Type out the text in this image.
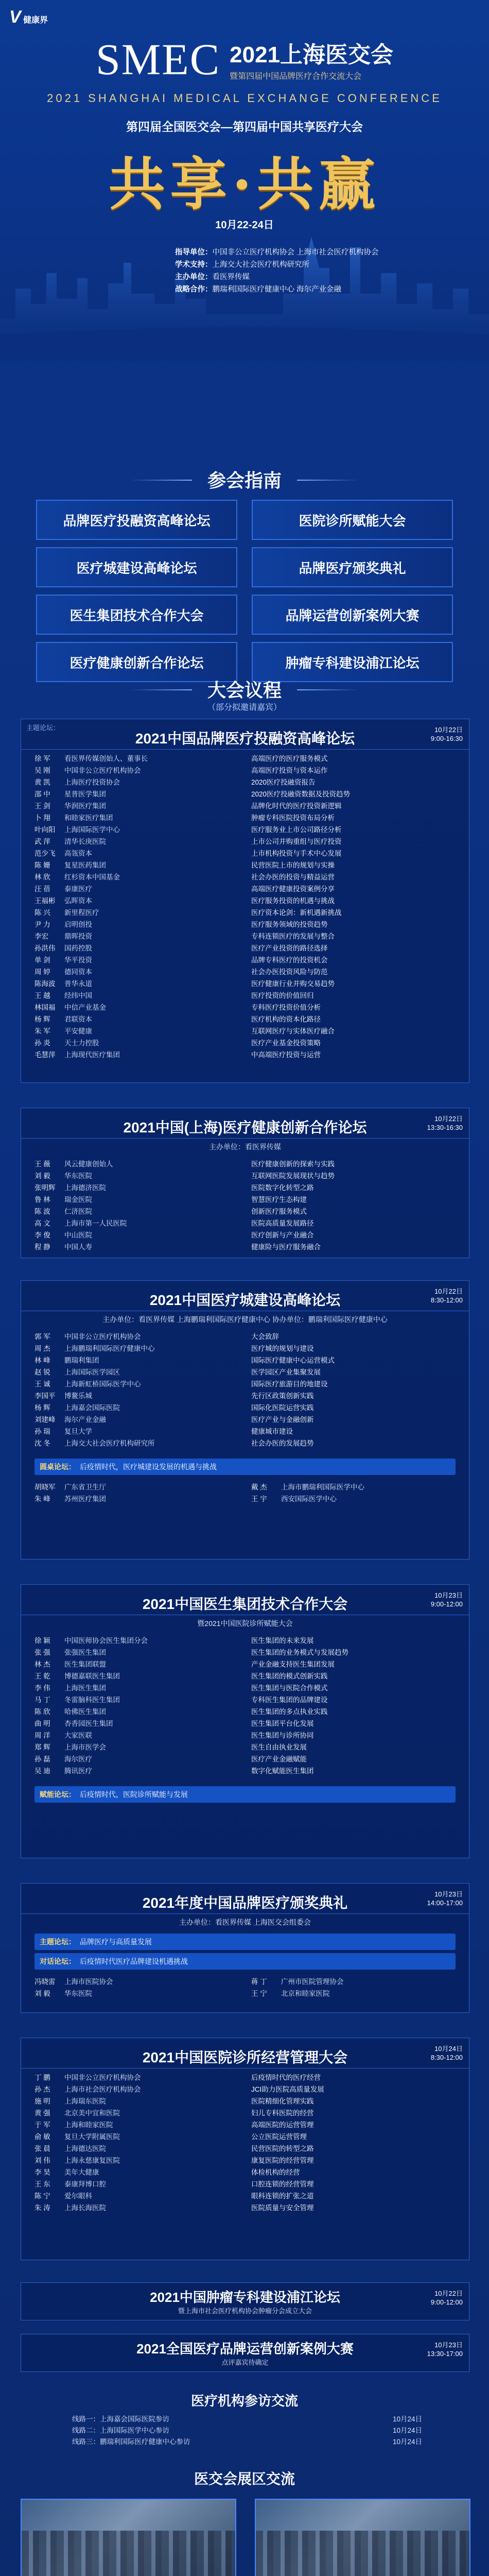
V 健康界
SMEC 2021上海医交会
暨第四届中国品牌医疗合作交流大会
2021 SHANGHAI MEDICAL EXCHANGE CONFERENCE
第四届全国医交会—第四届中国共享医疗大会
共享·共赢
10月22-24日
指导单位：中国非公立医疗机构协会 上海市社会医疗机构协会
学术支持：上海交大社会医疗机构研究所
主办单位：看医界传媒
战略合作：鹏瑞利国际医疗健康中心 海尔产业金融
参会指南
品牌医疗投融资高峰论坛	医院诊所赋能大会
医疗城建设高峰论坛	品牌医疗颁奖典礼
医生集团技术合作大会	品牌运营创新案例大赛
医疗健康创新合作论坛	肿瘤专科建设浦江论坛
大会议程
（部分拟邀请嘉宾）
主题论坛：
2021中国品牌医疗投融资高峰论坛
10月22日
9:00-16:30
徐 军	看医界传媒创始人、董事长	高端医疗的医疗服务模式
吴 刚	中国非公立医疗机构协会	高端医疗投资与资本运作
黄 凯	上海医疗投资协会	2020医疗投融资报告
邵 中	星普医学集团	2020医疗投融资数据及投资趋势
王 剑	华润医疗集团	品牌化时代的医疗投资新逻辑
卜 翔	和睦家医疗集团	肿瘤专科医院投资布局分析
叶向阳	上海国际医学中心	医疗服务业上市公司路径分析
武 萍	清华长庚医院	上市公司并购重组与医疗投资
范少飞	高瓴资本	上市机构投资与手术中心发展
陈 姗	复星医药集团	民营医院上市的规划与实操
林 欣	红杉资本中国基金	社会办医的投资与精益运营
汪 蓓	泰康医疗	高端医疗健康投资案例分享
王福彬	弘晖资本	医疗服务投资的机遇与挑战
陈 兴	新里程医疗	医疗资本论剑：新机遇新挑战
尹 力	启明创投	医疗服务领域的投资趋势
李宏	鼎晖投资	专科连锁医疗的发展与整合
孙洪伟	国药控股	医疗产业投资的路径选择
单 剑	华平投资	品牌专科医疗的投资机会
周 婷	德同资本	社会办医投资风险与防范
陈海波	普华永道	医疗健康行业并购交易趋势
王 越	经纬中国	医疗投资的价值回归
林国福	中信产业基金	专科医疗投资价值分析
杨 辉	君联资本	医疗机构的资本化路径
朱 军	平安健康	互联网医疗与实体医疗融合
孙 炎	天士力控股	医疗产业基金投资策略
毛慧萍	上海现代医疗集团	中高端医疗投资与运营
2021中国(上海)医疗健康创新合作论坛
10月22日
13:30-16:30
主办单位：看医界传媒
王 薇	风云健康创始人	医疗健康创新的探索与实践
刘 毅	华东医院	互联网医院发展现状与趋势
张明辉	上海德济医院	医院数字化转型之路
鲁 林	瑞金医院	智慧医疗生态构建
陈 波	仁济医院	创新医疗服务模式
高 文	上海市第一人民医院	医院高质量发展路径
李 俊	中山医院	医疗创新与产业融合
程 静	中国人寿	健康险与医疗服务融合
2021中国医疗城建设高峰论坛
10月22日
8:30-12:00
主办单位：看医界传媒 上海鹏瑞利国际医疗健康中心 协办单位：鹏瑞利国际医疗健康中心
郭 军	中国非公立医疗机构协会	大会致辞
周 杰	上海鹏瑞利国际医疗健康中心	医疗城的规划与建设
林 峰	鹏瑞利集团	国际医疗健康中心运营模式
赵 锐	上海国际医学园区	医学园区产业集聚发展
王 诚	上海新虹桥国际医学中心	国际医疗旅游目的地建设
李国平	博鳌乐城	先行区政策创新实践
杨 辉	上海嘉会国际医院	国际化医院运营实践
刘建峰	海尔产业金融	医疗产业与金融创新
孙 瑞	复旦大学	健康城市建设
沈 冬	上海交大社会医疗机构研究所	社会办医的发展趋势
圆桌论坛： 后疫情时代，医疗城建设发展的机遇与挑战
胡晓军	广东省卫生厅	戴 杰	上海市鹏瑞利国际医学中心
朱 峰	苏州医疗集团	王 宇	西安国际医学中心
2021中国医生集团技术合作大会
10月23日
9:00-12:00
暨2021中国医院诊所赋能大会
徐 颖	中国医师协会医生集团分会	医生集团的未来发展
张 强	张强医生集团	医生集团的业务模式与发展趋势
林 杰	医生集团联盟	产业金融支持医生集团发展
王 乾	博德嘉联医生集团	医生集团的模式创新实践
李 伟	上海医生集团	医生集团与医院合作模式
马 丁	冬雷脑科医生集团	专科医生集团的品牌建设
陈 欣	哈佛医生集团	医生集团的多点执业实践
曲 明	杏香园医生集团	医生集团平台化发展
周 洋	大家医联	医生集团与诊所协同
郑 辉	上海市医学会	医生自由执业发展
孙 磊	海尔医疗	医疗产业金融赋能
吴 迪	腾讯医疗	数字化赋能医生集团
赋能论坛： 后疫情时代，医院诊所赋能与发展
2021年度中国品牌医疗颁奖典礼
10月23日
14:00-17:00
主办单位：看医界传媒 上海医交会组委会
主题论坛： 品牌医疗与高质量发展
对话论坛： 后疫情时代医疗品牌建设机遇挑战
冯晓雷	上海市医院协会	蒋 丁	广州市医院管理协会
刘 毅	华东医院	王 宁	北京和睦家医院
2021中国医院诊所经营管理大会
10月24日
8:30-12:00
丁 鹏	中国非公立医疗机构协会	后疫情时代的医疗经营
孙 杰	上海市社会医疗机构协会	JCI助力医院高质量发展
施 明	上海瑞东医院	医院精细化管理实践
黄 强	北京美中宜和医院	妇儿专科医院的经营
于 军	上海和睦家医院	高端医院的运营管理
俞 敏	复旦大学附属医院	公立医院运营管理
张 晨	上海德达医院	民营医院的转型之路
刘 伟	上海永慈康复医院	康复医院的经营管理
李 昊	美年大健康	体检机构的经营
王 东	泰康拜博口腔	口腔连锁的经营管理
陈 宁	爱尔眼科	眼科连锁的扩张之道
朱 涛	上海长海医院	医院质量与安全管理
2021中国肿瘤专科建设浦江论坛
暨上海市社会医疗机构协会肿瘤分会成立大会
10月22日
9:00-12:00
2021全国医疗品牌运营创新案例大赛
点评嘉宾待确定
10月23日
13:30-17:00
医疗机构参访交流
线路一：上海嘉会国际医院参访	10月24日
线路二：上海国际医学中心参访	10月24日
线路三：鹏瑞利国际医疗健康中心参访	10月24日
医交会展区交流
